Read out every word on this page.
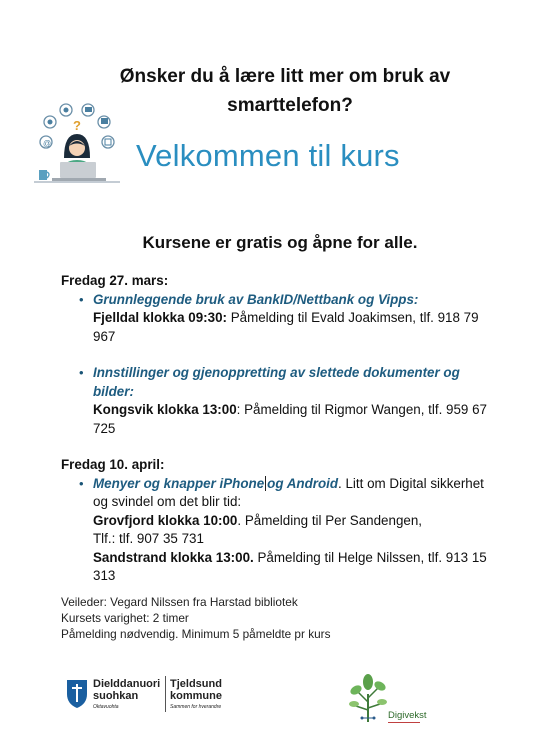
Ønsker du å lære litt mer om bruk av
smarttelefon?
?
@	Velkommen til kurs
Kursene er gratis og åpne for alle.

Fredag 27. mars:

• Grunnleggende bruk av BankID/Nettbank og Vipps:
Fjelldal klokka 09:30: Påmelding til Evald Joakimsen, tlf. 918 79 967
• Innstillinger og gjenoppretting av slettede dokumenter og bilder:
Kongsvik klokka 13:00: Påmelding til Rigmor Wangen, tlf. 959 67 725

Fredag 10. april:

• Menyer og knapper iPhone og Android. Litt om Digital sikkerhet og svindel om det blir tid:
Grovfjord klokka 10:00. Påmelding til Per Sandengen,
Tlf.: tlf. 907 35 731
Sandstrand klokka 13:00. Påmelding til Helge Nilssen, tlf. 913 15 313
Veileder: Vegard Nilssen fra Harstad bibliotek
Kursets varighet: 2 timer
Påmelding nødvendig. Minimum 5 påmeldte pr kurs
Dielddanuori
suohkan
Oktavuohta
Tjeldsund
kommune
Sammen for hverandre
Digivekst
